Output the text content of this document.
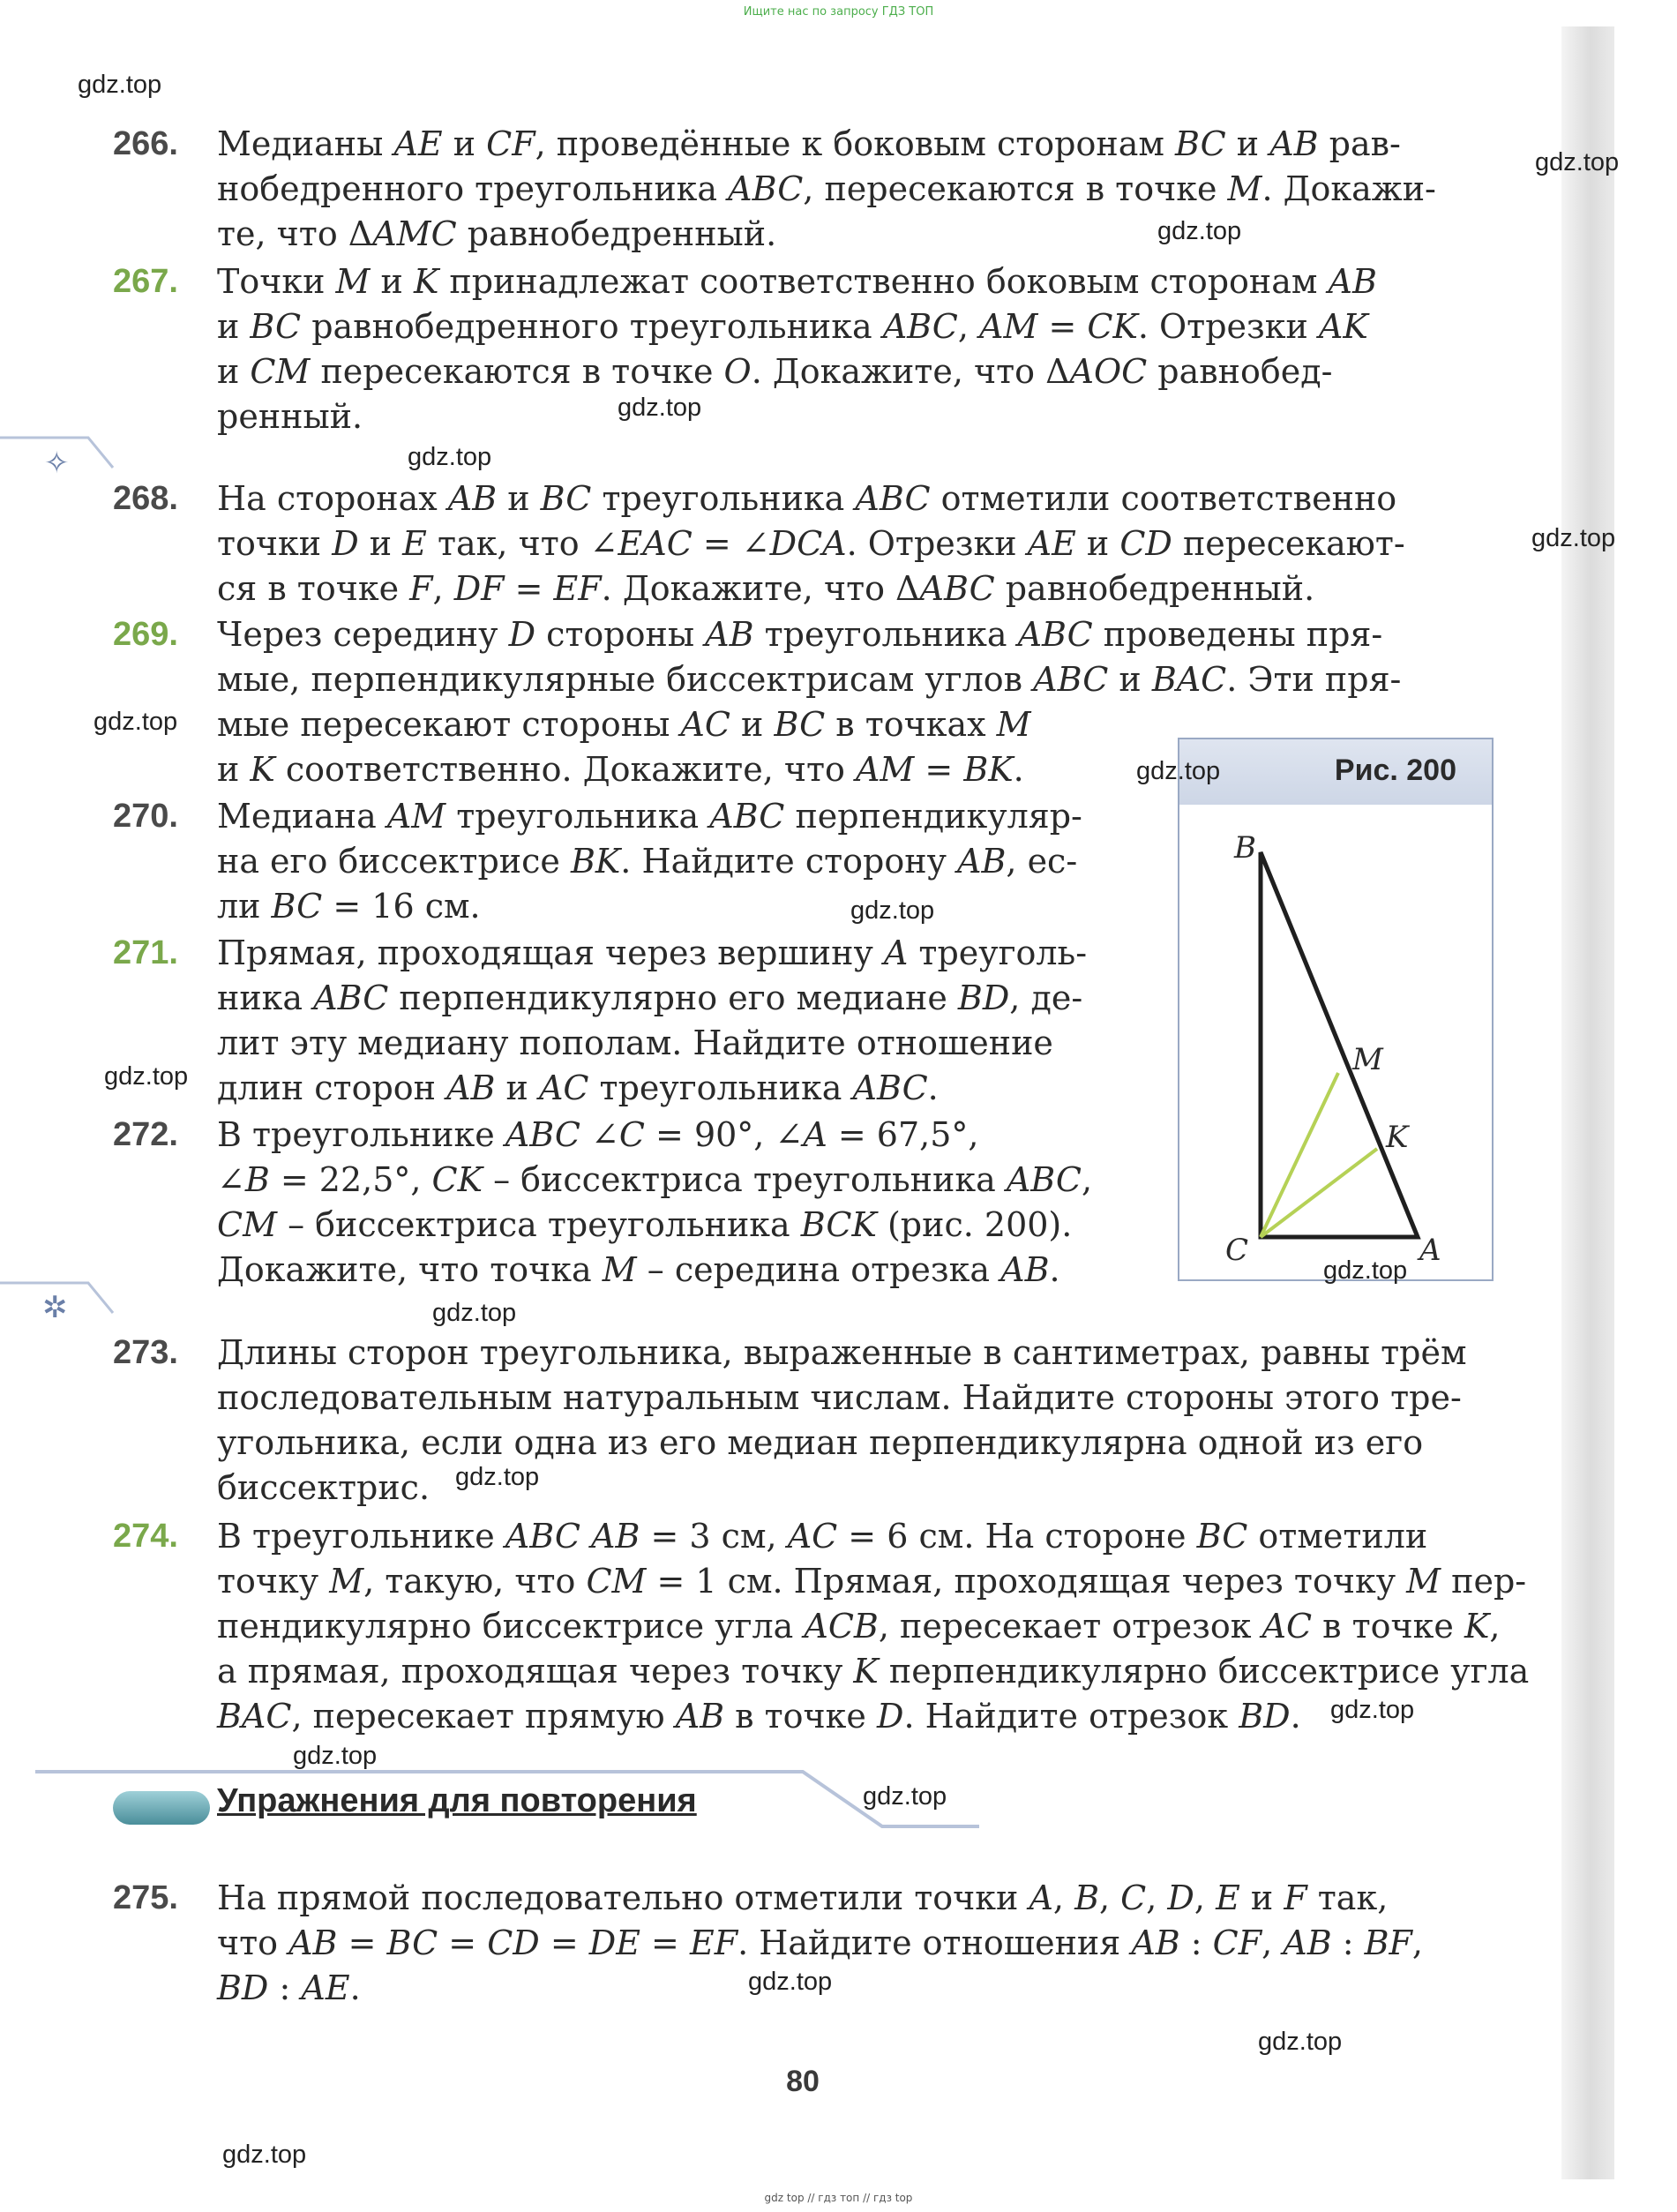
Ищите нас по запросу ГДЗ ТОП
gdz top // гдз топ // гдз top
266. Медианы AE и CF, проведённые к боковым сторонам BC и AB рав-
нобедренного треугольника ABC, пересекаются в точке M. Докажи-
те, что ΔAMC равнобедренный.
267. Точки M и K принадлежат соответственно боковым сторонам AB
и BC равнобедренного треугольника ABC, AM = CK. Отрезки AK
и CM пересекаются в точке O. Докажите, что ΔAOC равнобед-
ренный.
268. На сторонах AB и BC треугольника ABC отметили соответственно
точки D и E так, что ∠EAC = ∠DCA. Отрезки AE и CD пересекают-
ся в точке F, DF = EF. Докажите, что ΔABC равнобедренный.
269. Через середину D стороны AB треугольника ABC проведены пря-
мые, перпендикулярные биссектрисам углов ABC и BAC. Эти пря-
мые пересекают стороны AC и BC в точках M
и K соответственно. Докажите, что AM = BK.
270. Медиана AM треугольника ABC перпендикуляр-
на его биссектрисе BK. Найдите сторону AB, ес-
ли BC = 16 см.
271. Прямая, проходящая через вершину A треуголь-
ника ABC перпендикулярно его медиане BD, де-
лит эту медиану пополам. Найдите отношение
длин сторон AB и AC треугольника ABC.
272. В треугольнике ABC ∠C = 90°, ∠A = 67,5°,
∠B = 22,5°, CK – биссектриса треугольника ABC,
CM – биссектриса треугольника BCK (рис. 200).
Докажите, что точка M – середина отрезка AB.
273. Длины сторон треугольника, выраженные в сантиметрах, равны трём
последовательным натуральным числам. Найдите стороны этого тре-
угольника, если одна из его медиан перпендикулярна одной из его
биссектрис.
274. В треугольнике ABC AB = 3 см, AC = 6 см. На стороне BC отметили
точку M, такую, что CM = 1 см. Прямая, проходящая через точку M пер-
пендикулярно биссектрисе угла ACB, пересекает отрезок AC в точке K,
а прямая, проходящая через точку K перпендикулярно биссектрисе угла
BAC, пересекает прямую AB в точке D. Найдите отрезок BD.
Упражнения для повторения
275. На прямой последовательно отметили точки A, B, C, D, E и F так,
что AB = BC = CD = DE = EF. Найдите отношения AB : CF, AB : BF,
BD : AE.
✧
✲
Рис. 200
B
M
K
C	A
gdz.top
gdz.top
gdz.top
gdz.top
gdz.top
gdz.top
gdz.top
gdz.top
gdz.top
gdz.top
gdz.top
gdz.top
gdz.top
gdz.top
gdz.top
gdz.top
gdz.top
gdz.top
gdz.top
80
